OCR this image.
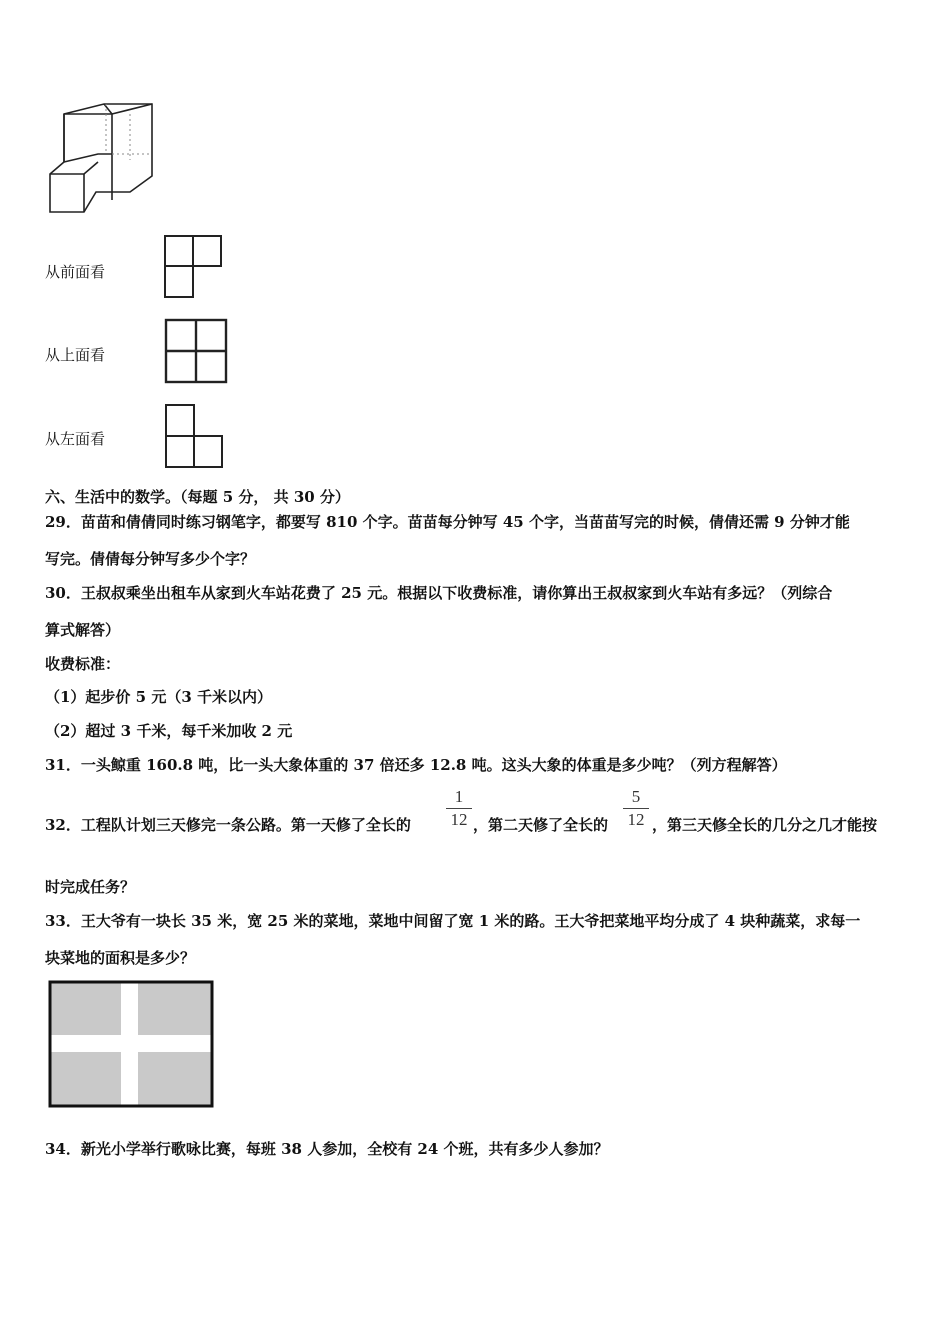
从前面看
从上面看
从左面看
六、生活中的数学。（每题 5 分， 共 30 分）
29．苗苗和倩倩同时练习钢笔字，都要写 810 个字。苗苗每分钟写 45 个字，当苗苗写完的时候，倩倩还需 9 分钟才能
写完。倩倩每分钟写多少个字？
30．王叔叔乘坐出租车从家到火车站花费了 25 元。根据以下收费标准，请你算出王叔叔家到火车站有多远？（列综合
算式解答）
收费标准：
（1）起步价 5 元（3 千米以内）
（2）超过 3 千米，每千米加收 2 元
31．一头鲸重 160.8 吨，比一头大象体重的 37 倍还多 12.8 吨。这头大象的体重是多少吨？（列方程解答）
32．工程队计划三天修完一条公路。第一天修了全长的
1
12 ，第二天修了全长的
5
12 ，第三天修全长的几分之几才能按
时完成任务？
33．王大爷有一块长 35 米，宽 25 米的菜地，菜地中间留了宽 1 米的路。王大爷把菜地平均分成了 4 块种蔬菜，求每一
块菜地的面积是多少？
34．新光小学举行歌咏比赛，每班 38 人参加，全校有 24 个班，共有多少人参加？
